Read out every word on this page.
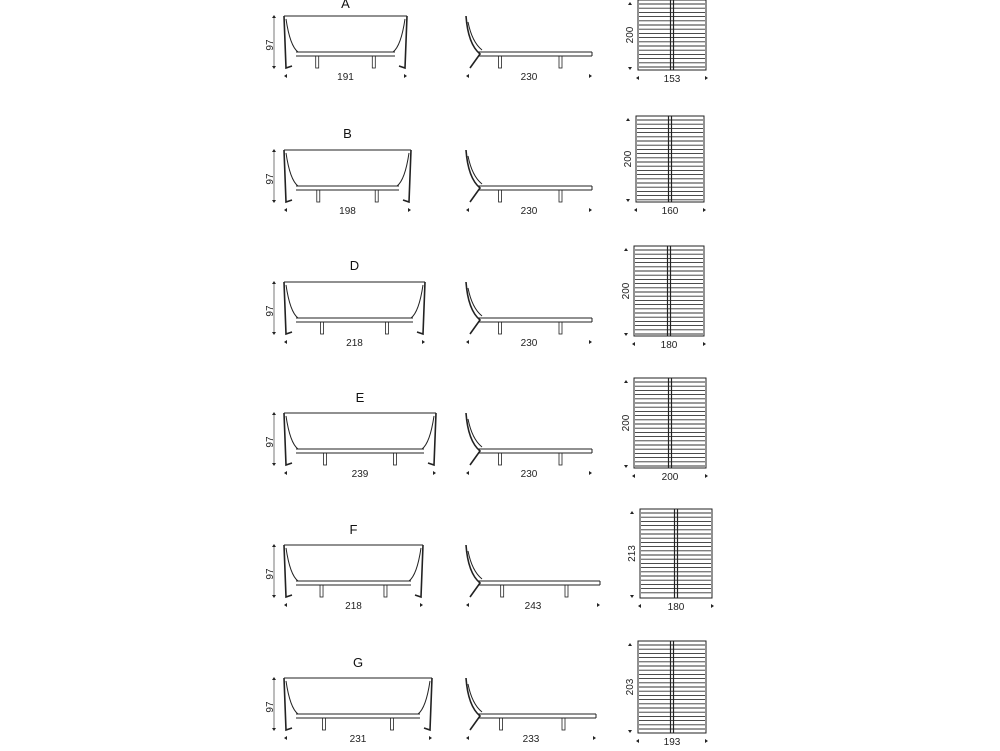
A
97
191	230
200
153
B
97
198	230
200
160
D
97
218	230
200
180
E
97
239	230
200
200
F
97
218	243
213
180
G
97
231	233
203
193
